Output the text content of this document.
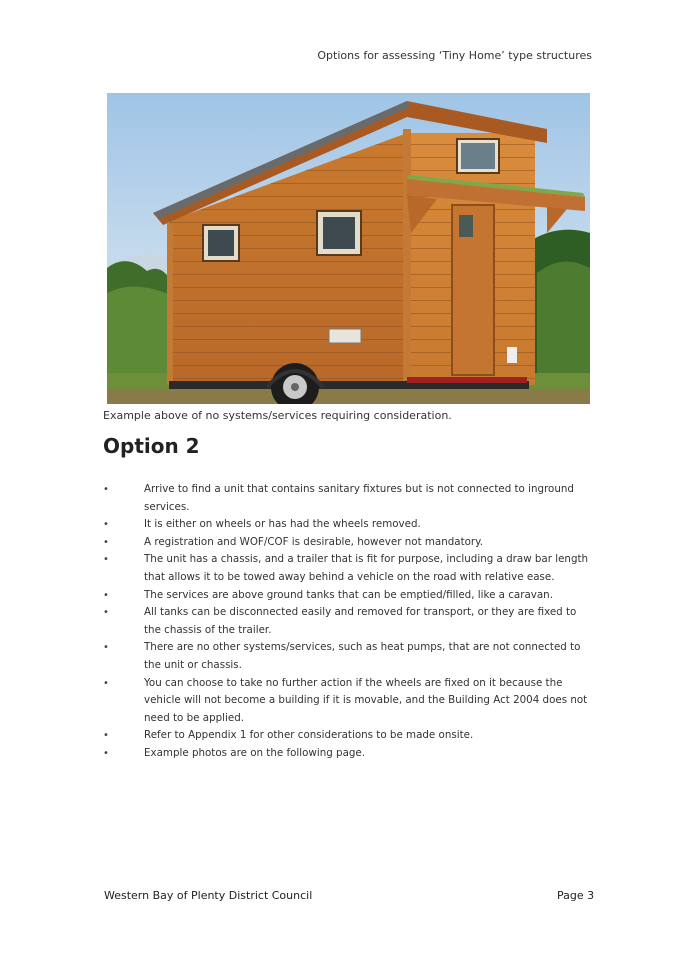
Options for assessing ‘Tiny Home’ type structures
Example above of no systems/services requiring consideration.
Option 2
•	Arrive to find a unit that contains sanitary fixtures but is not connected to inground services.
•	It is either on wheels or has had the wheels removed.
•	A registration and WOF/COF is desirable, however not mandatory.
•	The unit has a chassis, and a trailer that is fit for purpose, including a draw bar length that allows it to be towed away behind a vehicle on the road with relative ease.
•	The services are above ground tanks that can be emptied/filled, like a caravan.
•	All tanks can be disconnected easily and removed for transport, or they are fixed to the chassis of the trailer.
•	There are no other systems/services, such as heat pumps, that are not connected to the unit or chassis.
•	You can choose to take no further action if the wheels are fixed on it because the vehicle will not become a building if it is movable, and the Building Act 2004 does not need to be applied.
•	Refer to Appendix 1 for other considerations to be made onsite.
•	Example photos are on the following page.
Western Bay of Plenty District Council	Page 3
